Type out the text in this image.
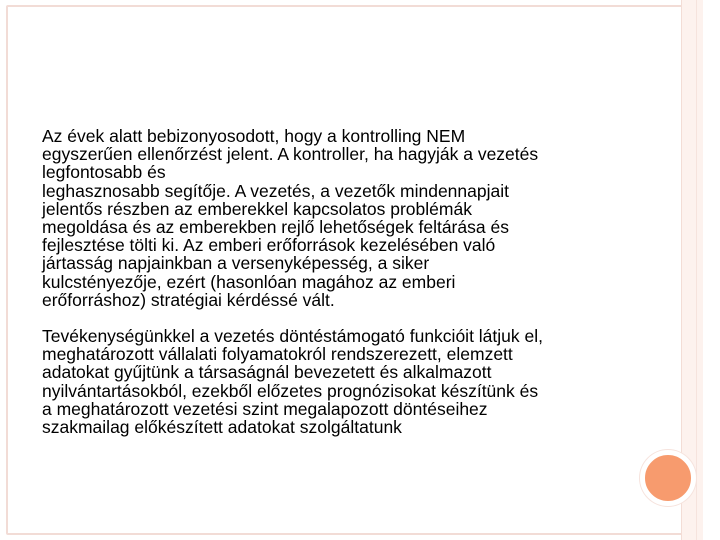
Az évek alatt bebizonyosodott, hogy a kontrolling NEM
egyszerűen ellenőrzést jelent. A kontroller, ha hagyják a vezetés
legfontosabb és
leghasznosabb segítője. A vezetés, a vezetők mindennapjait
jelentős részben az emberekkel kapcsolatos problémák
megoldása és az emberekben rejlő lehetőségek feltárása és
fejlesztése tölti ki. Az emberi erőforrások kezelésében való
jártasság napjainkban a versenyképesség, a siker
kulcstényezője, ezért (hasonlóan magához az emberi
erőforráshoz) stratégiai kérdéssé vált.

Tevékenységünkkel a vezetés döntéstámogató funkcióit látjuk el,
meghatározott vállalati folyamatokról rendszerezett, elemzett
adatokat gyűjtünk a társaságnál bevezetett és alkalmazott
nyilvántartásokból, ezekből előzetes prognózisokat készítünk és
a meghatározott vezetési szint megalapozott döntéseihez
szakmailag előkészített adatokat szolgáltatunk
